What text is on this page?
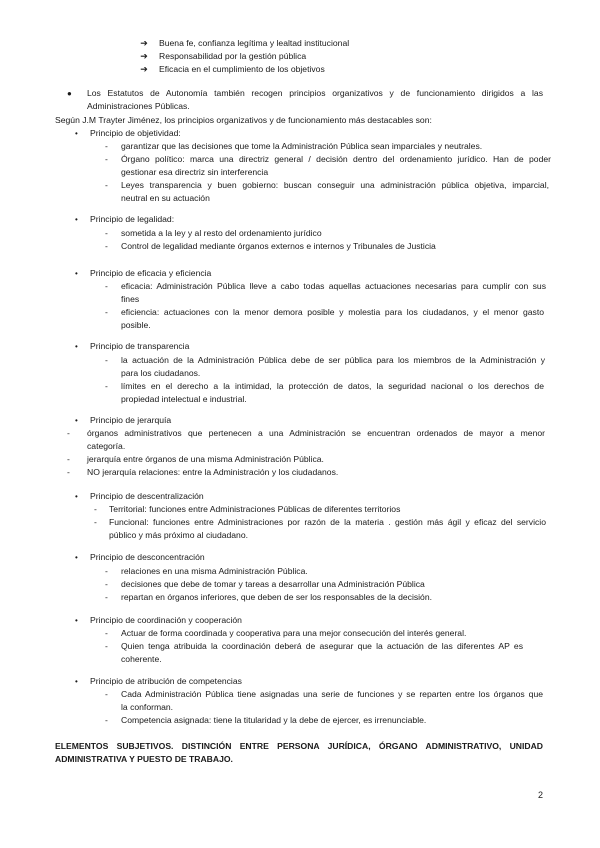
➔ Buena fe, confianza legítima y lealtad institucional
➔ Responsabilidad por la gestión pública
➔ Eficacia en el cumplimiento de los objetivos
● Los Estatutos de Autonomía también recogen principios organizativos y de funcionamiento dirigidos a las
Administraciones Públicas.
Según J.M Trayter Jiménez, los principios organizativos y de funcionamiento más destacables son:
• Principio de objetividad:
- garantizar que las decisiones que tome la Administración Pública sean imparciales y neutrales.
- Órgano político: marca una directriz general / decisión dentro del ordenamiento jurídico. Han de poder
gestionar esa directriz sin interferencia
- Leyes transparencia y buen gobierno: buscan conseguir una administración pública objetiva, imparcial,
neutral en su actuación
• Principio de legalidad:
- sometida a la ley y al resto del ordenamiento jurídico
- Control de legalidad mediante órganos externos e internos y Tribunales de Justicia
• Principio de eficacia y eficiencia
- eficacia: Administración Pública lleve a cabo todas aquellas actuaciones necesarias para cumplir con sus
fines
- eficiencia: actuaciones con la menor demora posible y molestia para los ciudadanos, y el menor gasto
posible.
• Principio de transparencia
- la actuación de la Administración Pública debe de ser pública para los miembros de la Administración y
para los ciudadanos.
- límites en el derecho a la intimidad, la protección de datos, la seguridad nacional o los derechos de
propiedad intelectual e industrial.
• Principio de jerarquía
- órganos administrativos que pertenecen a una Administración se encuentran ordenados de mayor a menor
categoría.
- jerarquía entre órganos de una misma Administración Pública.
- NO jerarquía relaciones: entre la Administración y los ciudadanos.
• Principio de descentralización
- Territorial: funciones entre Administraciones Públicas de diferentes territorios
- Funcional: funciones entre Administraciones por razón de la materia . gestión más ágil y eficaz del servicio
público y más próximo al ciudadano.
• Principio de desconcentración
- relaciones en una misma Administración Pública.
- decisiones que debe de tomar y tareas a desarrollar una Administración Pública
- repartan en órganos inferiores, que deben de ser los responsables de la decisión.
• Principio de coordinación y cooperación
- Actuar de forma coordinada y cooperativa para una mejor consecución del interés general.
- Quien tenga atribuida la coordinación deberá de asegurar que la actuación de las diferentes AP es
coherente.
• Principio de atribución de competencias
- Cada Administración Pública tiene asignadas una serie de funciones y se reparten entre los órganos que
la conforman.
- Competencia asignada: tiene la titularidad y la debe de ejercer, es irrenunciable.
ELEMENTOS SUBJETIVOS. DISTINCIÓN ENTRE PERSONA JURÍDICA, ÓRGANO ADMINISTRATIVO, UNIDAD
ADMINISTRATIVA Y PUESTO DE TRABAJO.
2
